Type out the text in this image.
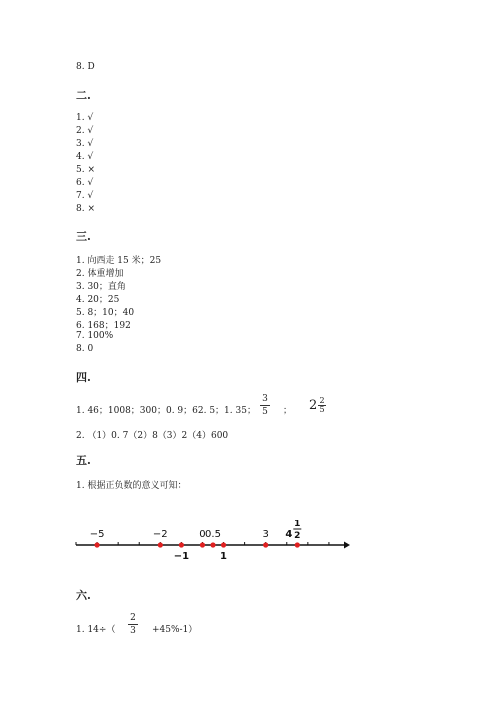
8. D
二.
1. √
2. √
3. √
4. √
5. ×
6. √
7. √
8. ×
三.
1. 向西走 15 米；25
2. 体重增加
3. 30；直角
4. 20；25
5. 8；10；40
6. 168；192
7. 100%
8. 0
四.
1. 46；1008；300；0. 9；62. 5；1. 35；
3
5	； 2 2
5
2. （1）0. 7（2）8（3）2（4）600
五.
1. 根据正负数的意义可知：
−5	−2
−1
0 0.5
1
3 4
1
2
六.
1. 14÷（
2
3	+45%-1）
